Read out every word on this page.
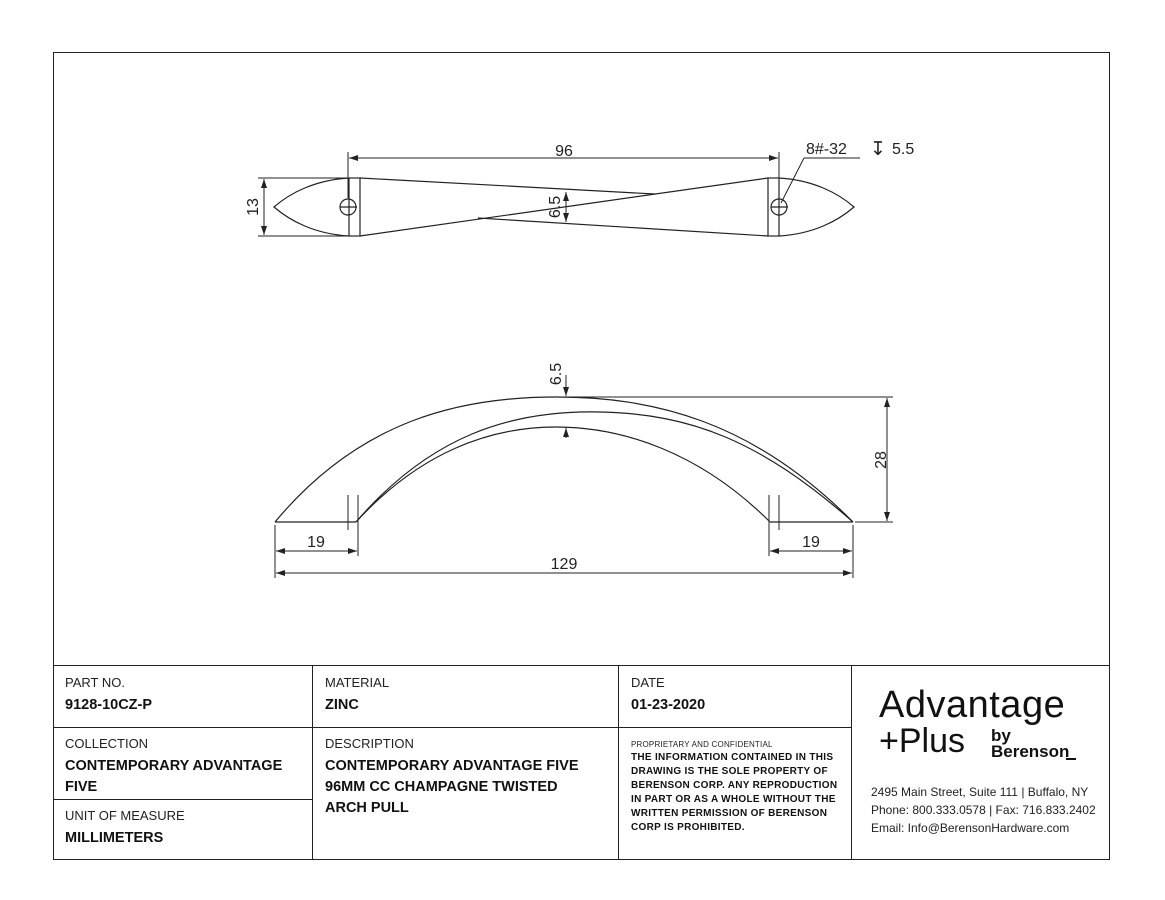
96
13	6.5
8#-32 ↧ 5.5
6.5
28
19	19
129
PART NO.
9128-10CZ-P
MATERIAL
ZINC
DATE
01-23-2020
COLLECTION
CONTEMPORARY ADVANTAGE
FIVE
UNIT OF MEASURE
MILLIMETERS
DESCRIPTION
CONTEMPORARY ADVANTAGE FIVE
96MM CC CHAMPAGNE TWISTED
ARCH PULL
PROPRIETARY AND CONFIDENTIAL
THE INFORMATION CONTAINED IN THIS
DRAWING IS THE SOLE PROPERTY OF
BERENSON CORP. ANY REPRODUCTION
IN PART OR AS A WHOLE WITHOUT THE
WRITTEN PERMISSION OF BERENSON
CORP IS PROHIBITED.
Advantage
+Plus by
Berenson
2495 Main Street, Suite 111 | Buffalo, NY
Phone: 800.333.0578 | Fax: 716.833.2402
Email: Info@BerensonHardware.com
